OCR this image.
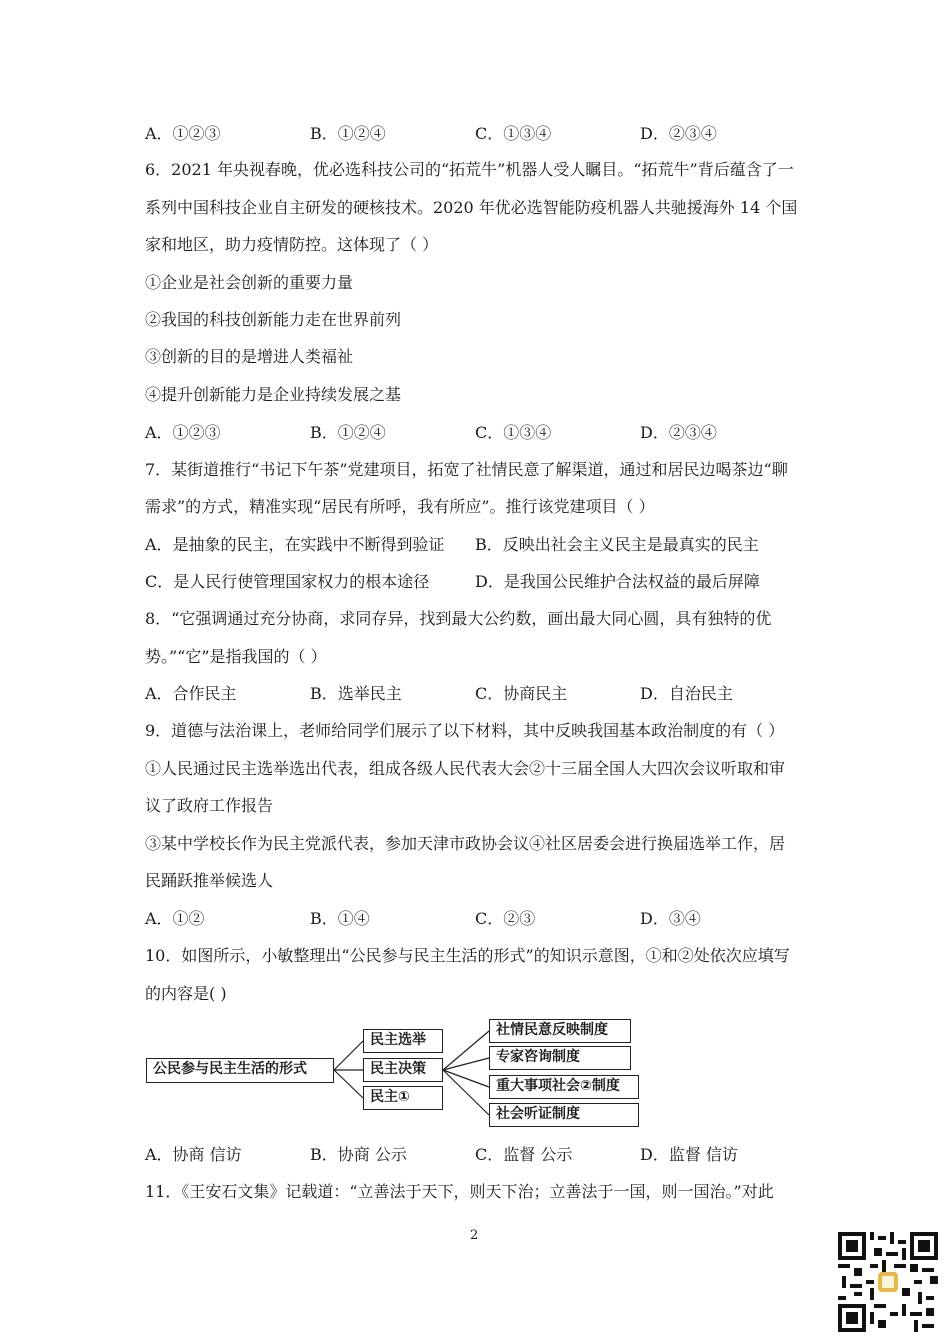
A．①②③	B．①②④	C．①③④	D．②③④
6．2021 年央视春晚，优必选科技公司的“拓荒牛”机器人受人瞩目。“拓荒牛”背后蕴含了一
系列中国科技企业自主研发的硬核技术。2020 年优必选智能防疫机器人共驰援海外 14 个国
家和地区，助力疫情防控。这体现了（ ）
①企业是社会创新的重要力量
②我国的科技创新能力走在世界前列
③创新的目的是增进人类福祉
④提升创新能力是企业持续发展之基
A．①②③	B．①②④	C．①③④	D．②③④
7．某街道推行“书记下午茶”党建项目，拓宽了社情民意了解渠道，通过和居民边喝茶边“聊
需求”的方式，精准实现“居民有所呼，我有所应”。推行该党建项目（ ）
A．是抽象的民主，在实践中不断得到验证 B．反映出社会主义民主是最真实的民主
C．是人民行使管理国家权力的根本途径	D．是我国公民维护合法权益的最后屏障
8．“它强调通过充分协商，求同存异，找到最大公约数，画出最大同心圆，具有独特的优
势。”“它”是指我国的（ ）
A．合作民主	B．选举民主	C．协商民主	D．自治民主
9．道德与法治课上，老师给同学们展示了以下材料，其中反映我国基本政治制度的有（ ）
①人民通过民主选举选出代表，组成各级人民代表大会②十三届全国人大四次会议听取和审
议了政府工作报告
③某中学校长作为民主党派代表，参加天津市政协会议④社区居委会进行换届选举工作，居
民踊跃推举候选人
A．①②	B．①④	C．②③	D．③④
10．如图所示，小敏整理出“公民参与民主生活的形式”的知识示意图，①和②处依次应填写
的内容是( )
公民参与民主生活的形式
民主选举
民主决策
民主①
社情民意反映制度
专家咨询制度
重大事项社会②制度
社会听证制度
A．协商 信访	B．协商 公示	C．监督 公示	D．监督 信访
11．《王安石文集》记载道：“立善法于天下，则天下治；立善法于一国，则一国治。”对此
2
